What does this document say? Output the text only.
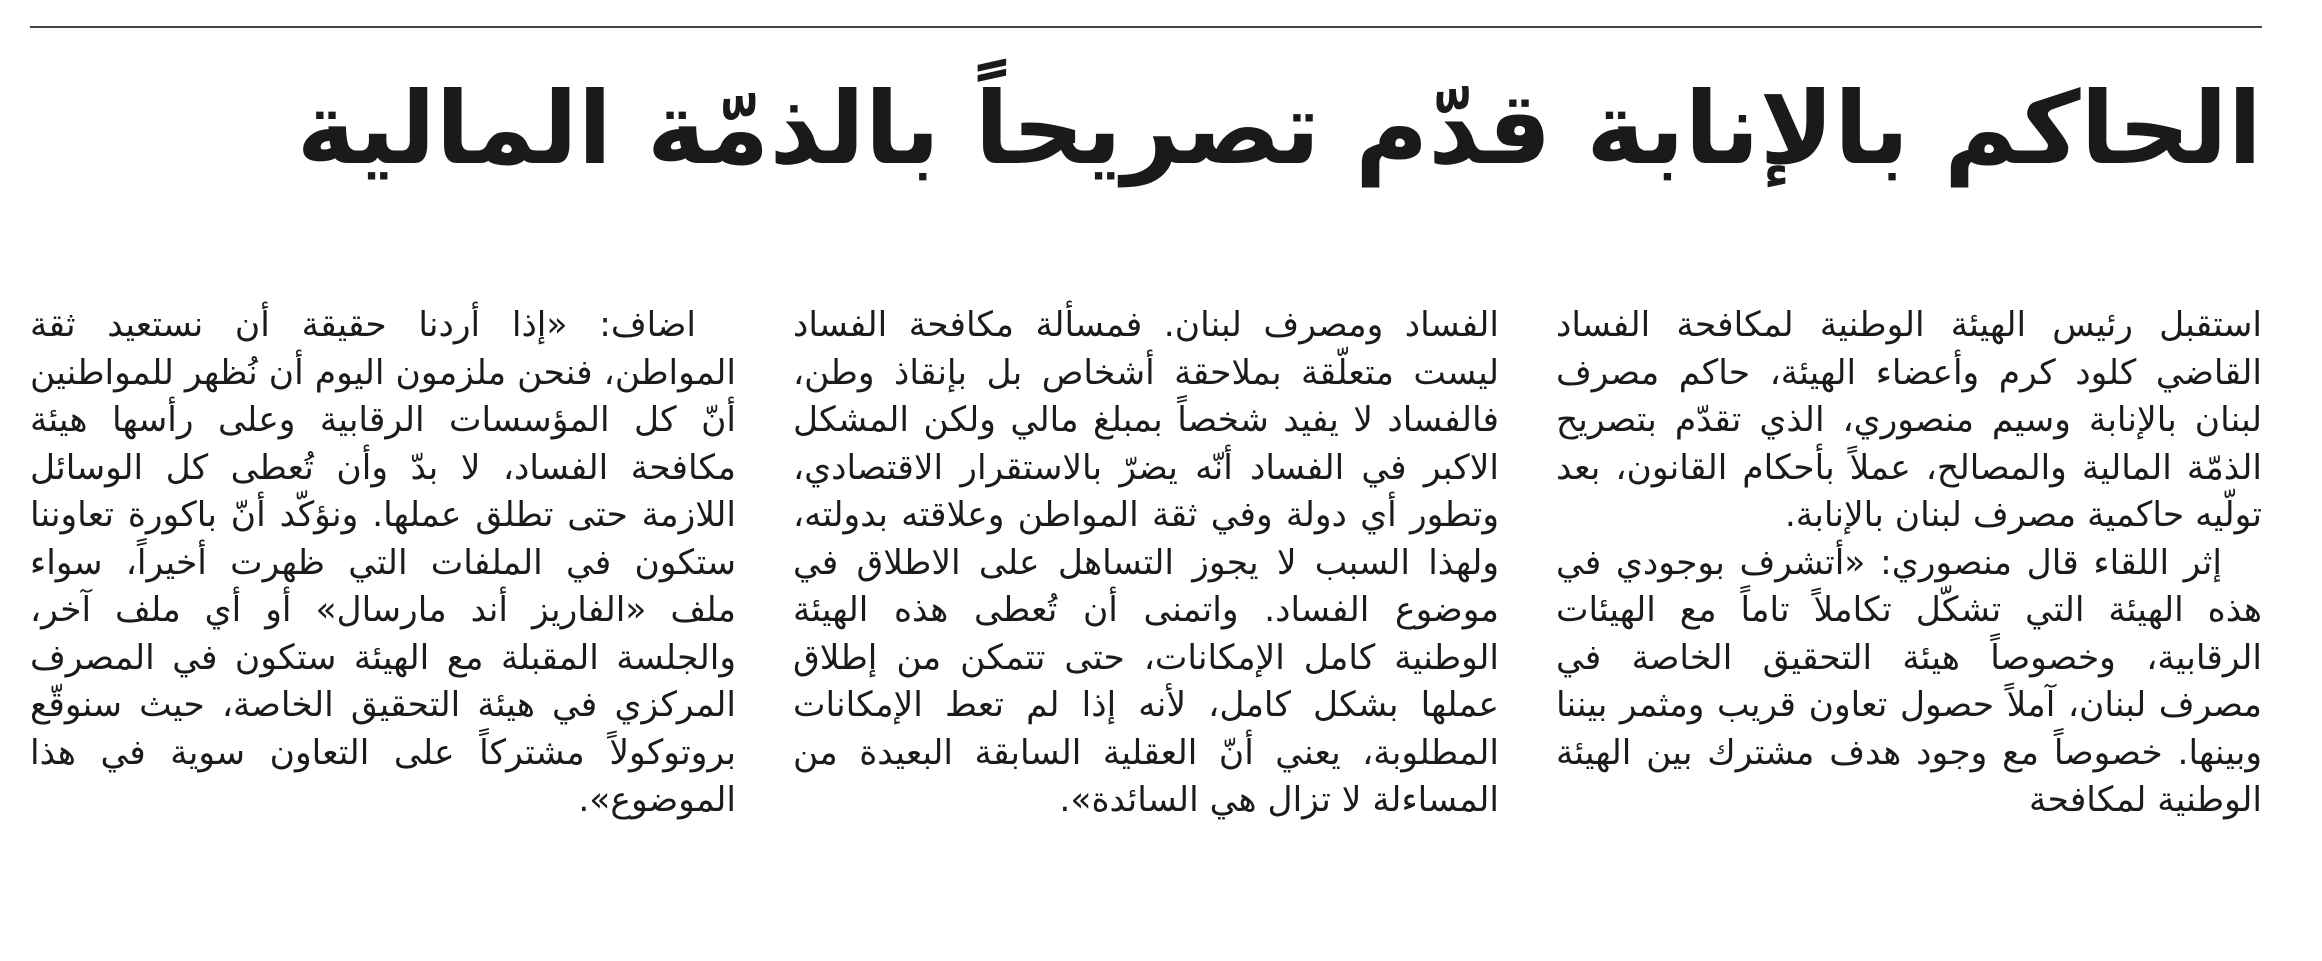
الحاكم بالإنابة قدّم تصريحاً بالذمّة المالية

استقبل رئيس الهيئة الوطنية لمكافحة الفساد القاضي كلود كرم وأعضاء الهيئة، حاكم مصرف لبنان بالإنابة وسيم منصوري، الذي تقدّم بتصريح الذمّة المالية والمصالح، عملاً بأحكام القانون، بعد تولّيه حاكمية مصرف لبنان بالإنابة.

إثر اللقاء قال منصوري: «أتشرف بوجودي في هذه الهيئة التي تشكّل تكاملاً تاماً مع الهيئات الرقابية، وخصوصاً هيئة التحقيق الخاصة في مصرف لبنان، آملاً حصول تعاون قريب ومثمر بيننا وبينها. خصوصاً مع وجود هدف مشترك بين الهيئة الوطنية لمكافحة

الفساد ومصرف لبنان. فمسألة مكافحة الفساد ليست متعلّقة بملاحقة أشخاص بل بإنقاذ وطن، فالفساد لا يفيد شخصاً بمبلغ مالي ولكن المشكل الاكبر في الفساد أنّه يضرّ بالاستقرار الاقتصادي، وتطور أي دولة وفي ثقة المواطن وعلاقته بدولته، ولهذا السبب لا يجوز التساهل على الاطلاق في موضوع الفساد. واتمنى أن تُعطى هذه الهيئة الوطنية كامل الإمكانات، حتى تتمكن من إطلاق عملها بشكل كامل، لأنه إذا لم تعط الإمكانات المطلوبة، يعني أنّ العقلية السابقة البعيدة من المساءلة لا تزال هي السائدة».

اضاف: «إذا أردنا حقيقة أن نستعيد ثقة المواطن، فنحن ملزمون اليوم أن نُظهر للمواطنين أنّ كل المؤسسات الرقابية وعلى رأسها هيئة مكافحة الفساد، لا بدّ وأن تُعطى كل الوسائل اللازمة حتى تطلق عملها. ونؤكّد أنّ باكورة تعاوننا ستكون في الملفات التي ظهرت أخيراً، سواء ملف «الفاريز أند مارسال» أو أي ملف آخر، والجلسة المقبلة مع الهيئة ستكون في المصرف المركزي في هيئة التحقيق الخاصة، حيث سنوقّع بروتوكولاً مشتركاً على التعاون سوية في هذا الموضوع».
